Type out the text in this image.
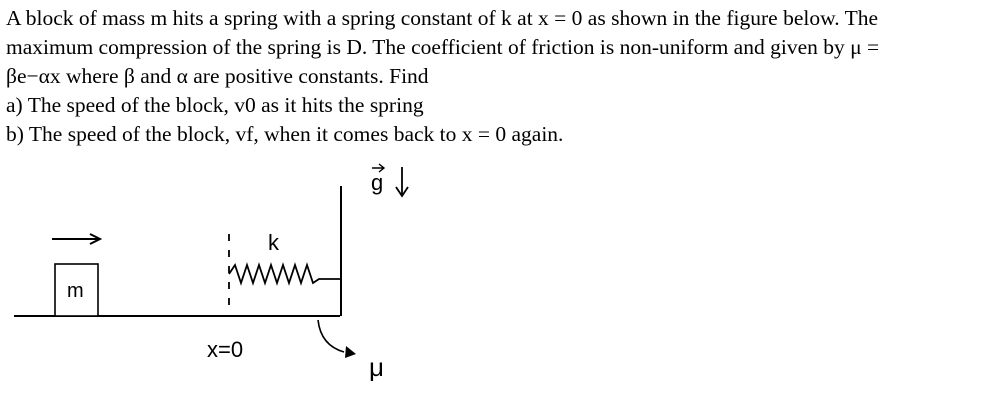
A block of mass m hits a spring with a spring constant of k at x = 0 as shown in the figure below. The
maximum compression of the spring is D. The coefficient of friction is non-uniform and given by μ =
βe−αx where β and α are positive constants. Find
a) The speed of the block, v0 as it hits the spring
b) The speed of the block, vf, when it comes back to x = 0 again.
m
k
x=0
μ
g
